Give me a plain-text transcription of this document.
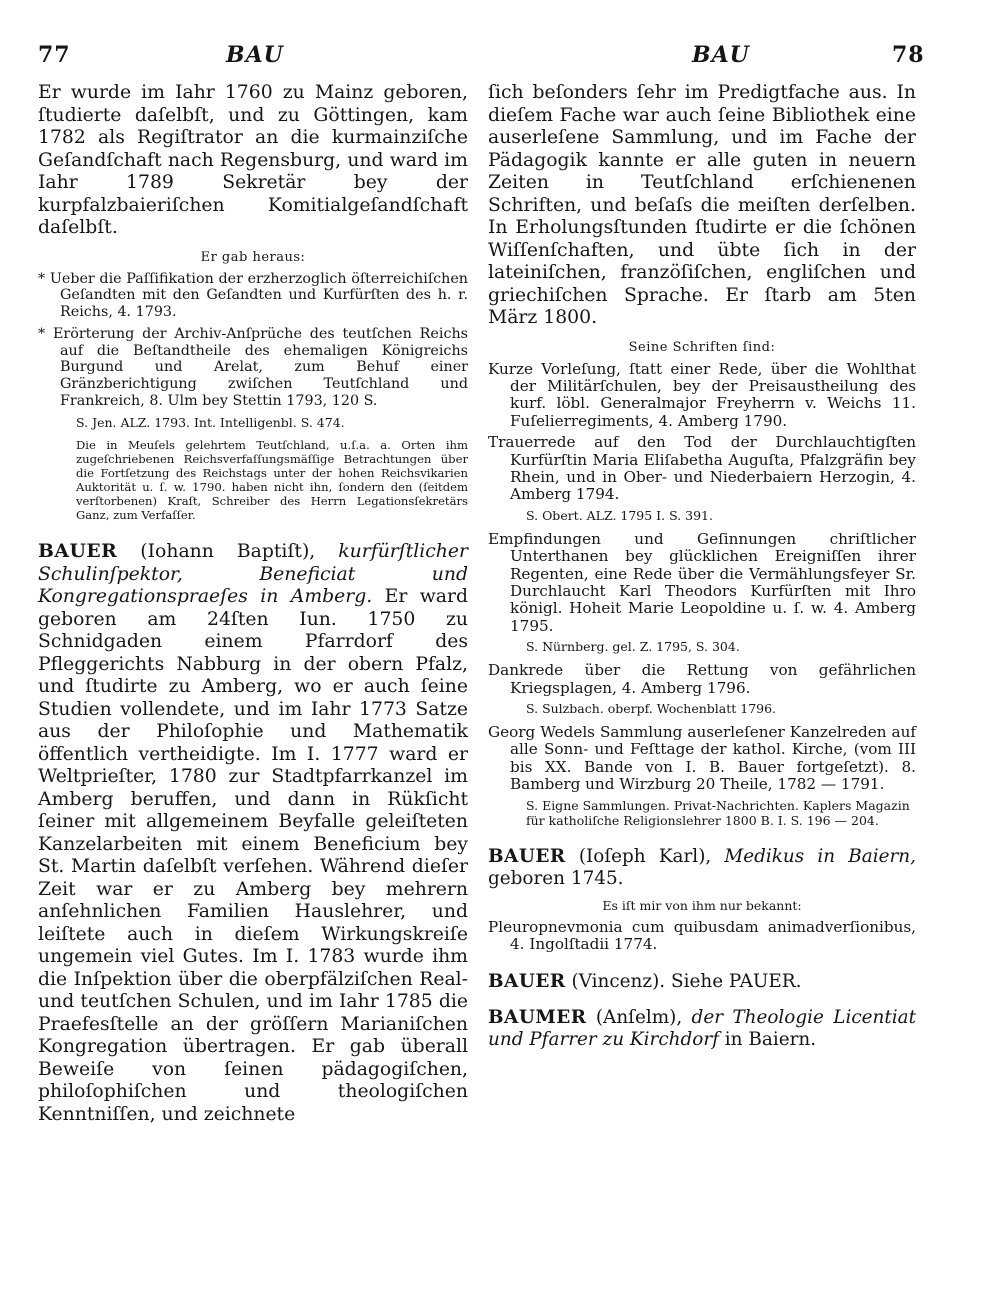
77	BAU	BAU	78

Er wurde im Iahr 1760 zu Mainz geboren, ſtudierte daſelbſt, und zu Göttingen, kam 1782 als Regiſtrator an die kurmainziſche Geſandſchaft nach Regensburg, und ward im Iahr 1789 Sekretär bey der kurpfalzbaieriſchen Komitialgeſandſchaft daſelbſt.

Er gab heraus:

* Ueber die Paſſifikation der erzherzoglich öſterreichiſchen Geſandten mit den Geſandten und Kurfürſten des h. r. Reichs, 4. 1793.

* Erörterung der Archiv-Anſprüche des teutſchen Reichs auf die Beſtandtheile des ehemaligen Königreichs Burgund und Arelat, zum Behuf einer Gränzberichtigung zwiſchen Teutſchland und Frankreich, 8. Ulm bey Stettin 1793, 120 S.

S. Jen. ALZ. 1793. Int. Intelligenbl. S. 474.

Die in Meuſels gelehrtem Teutſchland, u.ſ.a. a. Orten ihm zugeſchriebenen Reichsverfaſſungsmäſſige Betrachtungen über die Fortſetzung des Reichstags unter der hohen Reichsvikarien Auktorität u. ſ. w. 1790. haben nicht ihn, ſondern den (ſeitdem verſtorbenen) Kraſt, Schreiber des Herrn Legationsſekretärs Ganz, zum Verfaſſer.

BAUER (Iohann Baptiſt), kurfürſtlicher Schulinſpektor, Beneficiat und Kongregationspraeſes in Amberg. Er ward geboren am 24ſten Iun. 1750 zu Schnidgaden einem Pfarrdorf des Pfleggerichts Nabburg in der obern Pfalz, und ſtudirte zu Amberg, wo er auch ſeine Studien vollendete, und im Iahr 1773 Satze aus der Philoſophie und Mathematik öffentlich vertheidigte. Im I. 1777 ward er Weltprieſter, 1780 zur Stadtpfarrkanzel im Amberg beruffen, und dann in Rükſicht ſeiner mit allgemeinem Beyfalle geleiſteten Kanzelarbeiten mit einem Beneficium bey St. Martin daſelbſt verſehen. Während dieſer Zeit war er zu Amberg bey mehrern anſehnlichen Familien Hauslehrer, und leiſtete auch in dieſem Wirkungskreiſe ungemein viel Gutes. Im I. 1783 wurde ihm die Inſpektion über die oberpfälziſchen Real- und teutſchen Schulen, und im Iahr 1785 die Praefesſtelle an der gröſſern Marianiſchen Kongregation übertragen. Er gab überall Beweiſe von ſeinen pädagogiſchen, philoſophiſchen und theologiſchen Kenntniſſen, und zeichnete

ſich beſonders ſehr im Predigtfache aus. In dieſem Fache war auch ſeine Bibliothek eine auserleſene Sammlung, und im Fache der Pädagogik kannte er alle guten in neuern Zeiten in Teutſchland erſchienenen Schriften, und beſaſs die meiſten derſelben. In Erholungsſtunden ſtudirte er die ſchönen Wiſſenſchaften, und übte ſich in der lateiniſchen, franzöſiſchen, engliſchen und griechiſchen Sprache. Er ſtarb am 5ten März 1800.

Seine Schriften ſind:

Kurze Vorleſung, ſtatt einer Rede, über die Wohlthat der Militärſchulen, bey der Preisaustheilung des kurf. löbl. Generalmajor Freyherrn v. Weichs 11. Fuſelierregiments, 4. Amberg 1790.

Trauerrede auf den Tod der Durchlauchtigſten Kurfürſtin Maria Eliſabetha Auguſta, Pfalzgräfin bey Rhein, und in Ober- und Niederbaiern Herzogin, 4. Amberg 1794.

S. Obert. ALZ. 1795 I. S. 391.

Empfindungen und Geſinnungen chriſtlicher Unterthanen bey glücklichen Ereigniſſen ihrer Regenten, eine Rede über die Vermählungsfeyer Sr. Durchlaucht Karl Theodors Kurfürſten mit Ihro königl. Hoheit Marie Leopoldine u. ſ. w. 4. Amberg 1795.

S. Nürnberg. gel. Z. 1795, S. 304.

Dankrede über die Rettung von gefährlichen Kriegsplagen, 4. Amberg 1796.

S. Sulzbach. oberpf. Wochenblatt 1796.

Georg Wedels Sammlung auserleſener Kanzelreden auf alle Sonn- und Feſttage der kathol. Kirche, (vom III bis XX. Bande von I. B. Bauer fortgeſetzt). 8. Bamberg und Wirzburg 20 Theile, 1782 — 1791.

S. Eigne Sammlungen. Privat-Nachrichten. Kaplers Magazin für katholiſche Religionslehrer 1800 B. I. S. 196 — 204.

BAUER (Ioſeph Karl), Medikus in Baiern, geboren 1745.

Es iſt mir von ihm nur bekannt:

Pleuropnevmonia cum quibusdam animadverſionibus, 4. Ingolſtadii 1774.

BAUER (Vincenz). Siehe PAUER.

BAUMER (Anſelm), der Theologie Licentiat und Pfarrer zu Kirchdorf in Baiern.
